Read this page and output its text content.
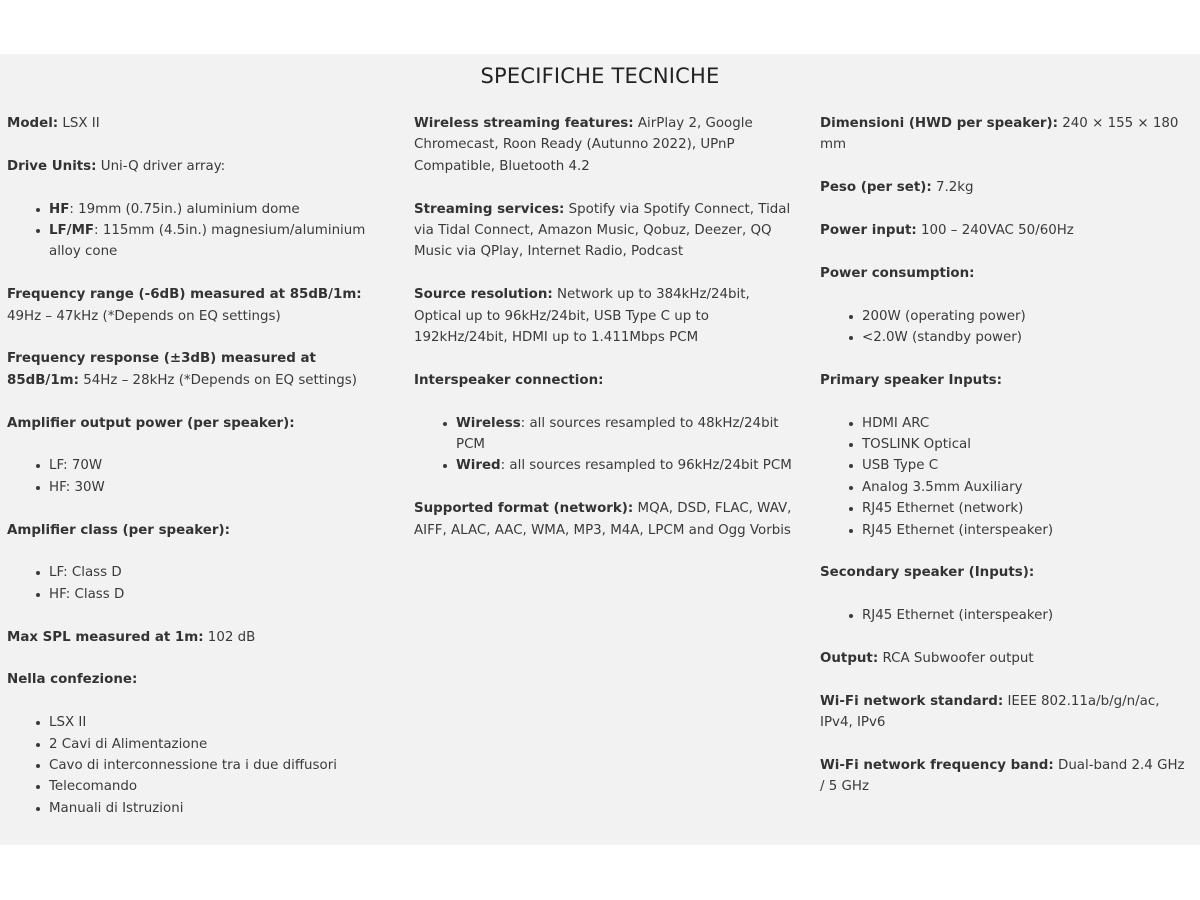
SPECIFICHE TECNICHE

Model: LSX II

Drive Units: Uni-Q driver array:

HF: 19mm (0.75in.) aluminium dome
LF/MF: 115mm (4.5in.) magnesium/aluminium alloy cone

Frequency range (-6dB) measured at 85dB/1m: 49Hz – 47kHz (*Depends on EQ settings)

Frequency response (±3dB) measured at 85dB/1m: 54Hz – 28kHz (*Depends on EQ settings)

Amplifier output power (per speaker):

LF: 70W
HF: 30W

Amplifier class (per speaker):

LF: Class D
HF: Class D

Max SPL measured at 1m: 102 dB

Nella confezione:

LSX II
2 Cavi di Alimentazione
Cavo di interconnessione tra i due diffusori
Telecomando
Manuali di Istruzioni

Wireless streaming features: AirPlay 2, Google Chromecast, Roon Ready (Autunno 2022), UPnP Compatible, Bluetooth 4.2

Streaming services: Spotify via Spotify Connect, Tidal via Tidal Connect, Amazon Music, Qobuz, Deezer, QQ Music via QPlay, Internet Radio, Podcast

Source resolution: Network up to 384kHz/24bit, Optical up to 96kHz/24bit, USB Type C up to 192kHz/24bit, HDMI up to 1.411Mbps PCM

Interspeaker connection:

Wireless: all sources resampled to 48kHz/24bit PCM
Wired: all sources resampled to 96kHz/24bit PCM

Supported format (network): MQA, DSD, FLAC, WAV, AIFF, ALAC, AAC, WMA, MP3, M4A, LPCM and Ogg Vorbis

Dimensioni (HWD per speaker): 240 × 155 × 180 mm

Peso (per set): 7.2kg

Power input: 100 – 240VAC 50/60Hz

Power consumption:

200W (operating power)
<2.0W (standby power)

Primary speaker Inputs:

HDMI ARC
TOSLINK Optical
USB Type C
Analog 3.5mm Auxiliary
RJ45 Ethernet (network)
RJ45 Ethernet (interspeaker)

Secondary speaker (Inputs):

RJ45 Ethernet (interspeaker)

Output: RCA Subwoofer output

Wi-Fi network standard: IEEE 802.11a/b/g/n/ac, IPv4, IPv6

Wi-Fi network frequency band: Dual-band 2.4 GHz / 5 GHz
